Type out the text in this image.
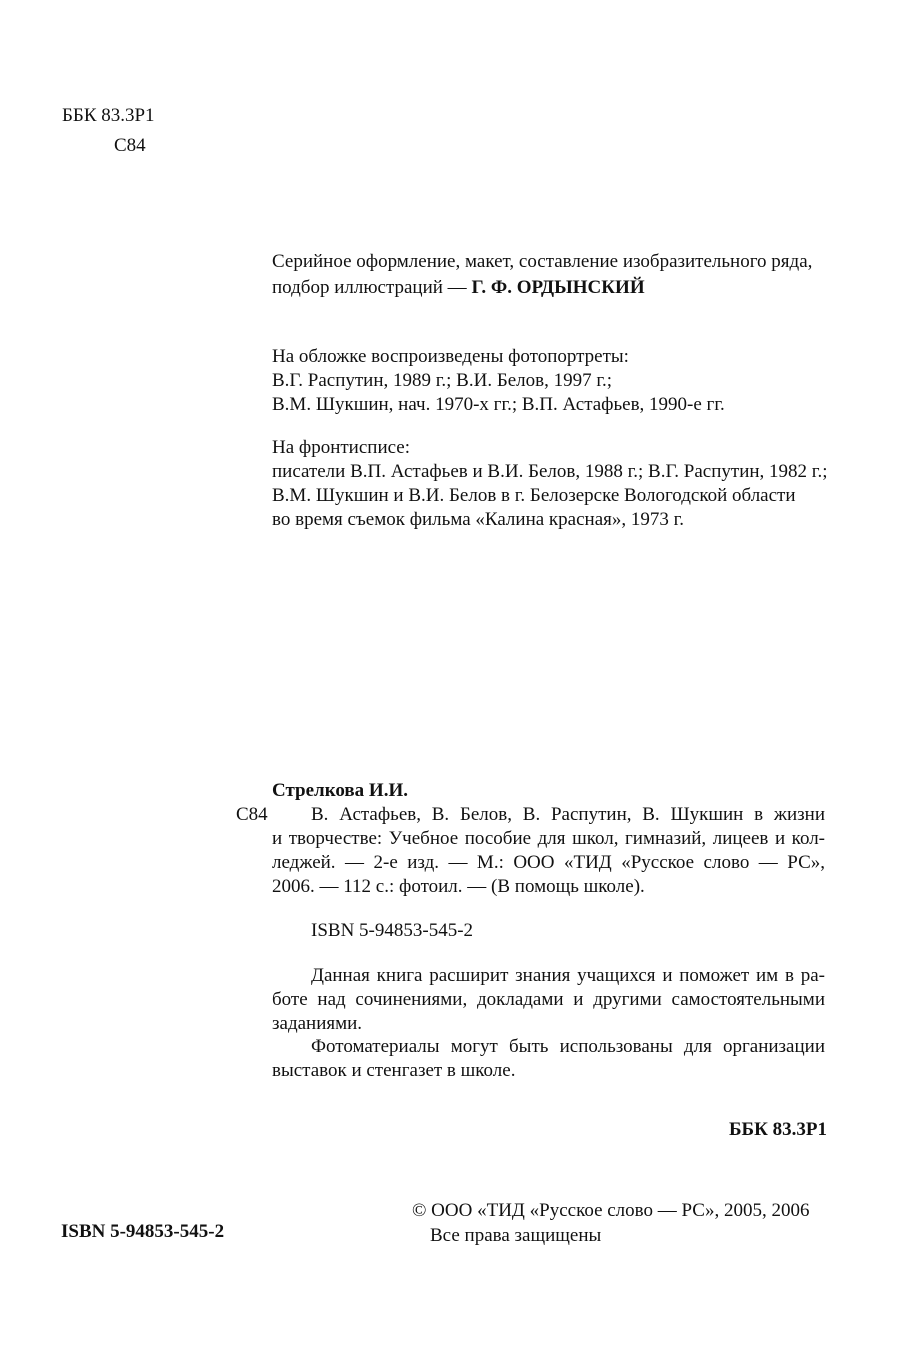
ББК 83.3Р1
С84
Серийное оформление, макет, составление изобразительного ряда,
подбор иллюстраций — Г. Ф. ОРДЫНСКИЙ
На обложке воспроизведены фотопортреты:
В.Г. Распутин, 1989 г.; В.И. Белов, 1997 г.;
В.М. Шукшин, нач. 1970-х гг.; В.П. Астафьев, 1990-е гг.
На фронтисписе:
писатели В.П. Астафьев и В.И. Белов, 1988 г.; В.Г. Распутин, 1982 г.;
В.М. Шукшин и В.И. Белов в г. Белозерске Вологодской области
во время съемок фильма «Калина красная», 1973 г.
Стрелкова И.И.
С84 В. Астафьев, В. Белов, В. Распутин, В. Шукшин в жизни
и творчестве: Учебное пособие для школ, гимназий, лицеев и кол-
леджей. — 2-е изд. — М.: ООО «ТИД «Русское слово — РС»,
2006. — 112 с.: фотоил. — (В помощь школе).
ISBN 5-94853-545-2
Данная книга расширит знания учащихся и поможет им в ра-
боте над сочинениями, докладами и другими самостоятельными
заданиями.
Фотоматериалы могут быть использованы для организации
выставок и стенгазет в школе.
ББК 83.3Р1
ISBN 5-94853-545-2
© ООО «ТИД «Русское слово — РС», 2005, 2006
Все права защищены
